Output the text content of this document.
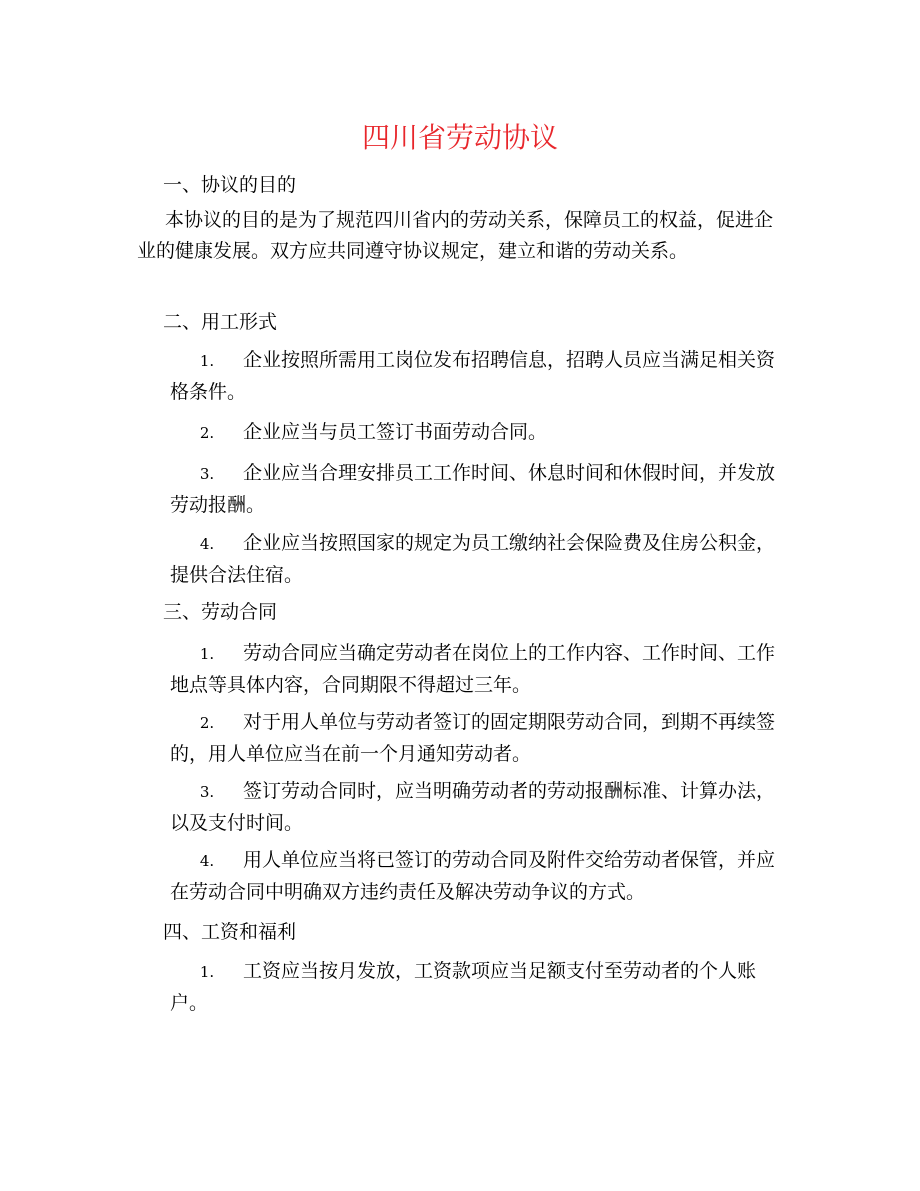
四川省劳动协议
一、协议的目的

本协议的目的是为了规范四川省内的劳动关系，保障员工的权益，促进企业的健康发展。双方应共同遵守协议规定，建立和谐的劳动关系。

二、用工形式

1. 企业按照所需用工岗位发布招聘信息，招聘人员应当满足相关资格条件。

2. 企业应当与员工签订书面劳动合同。

3. 企业应当合理安排员工工作时间、休息时间和休假时间，并发放劳动报酬。

4. 企业应当按照国家的规定为员工缴纳社会保险费及住房公积金，提供合法住宿。

三、劳动合同

1. 劳动合同应当确定劳动者在岗位上的工作内容、工作时间、工作地点等具体内容，合同期限不得超过三年。

2. 对于用人单位与劳动者签订的固定期限劳动合同，到期不再续签的，用人单位应当在前一个月通知劳动者。

3. 签订劳动合同时，应当明确劳动者的劳动报酬标准、计算办法，以及支付时间。

4. 用人单位应当将已签订的劳动合同及附件交给劳动者保管，并应在劳动合同中明确双方违约责任及解决劳动争议的方式。

四、工资和福利

1. 工资应当按月发放，工资款项应当足额支付至劳动者的个人账户。
